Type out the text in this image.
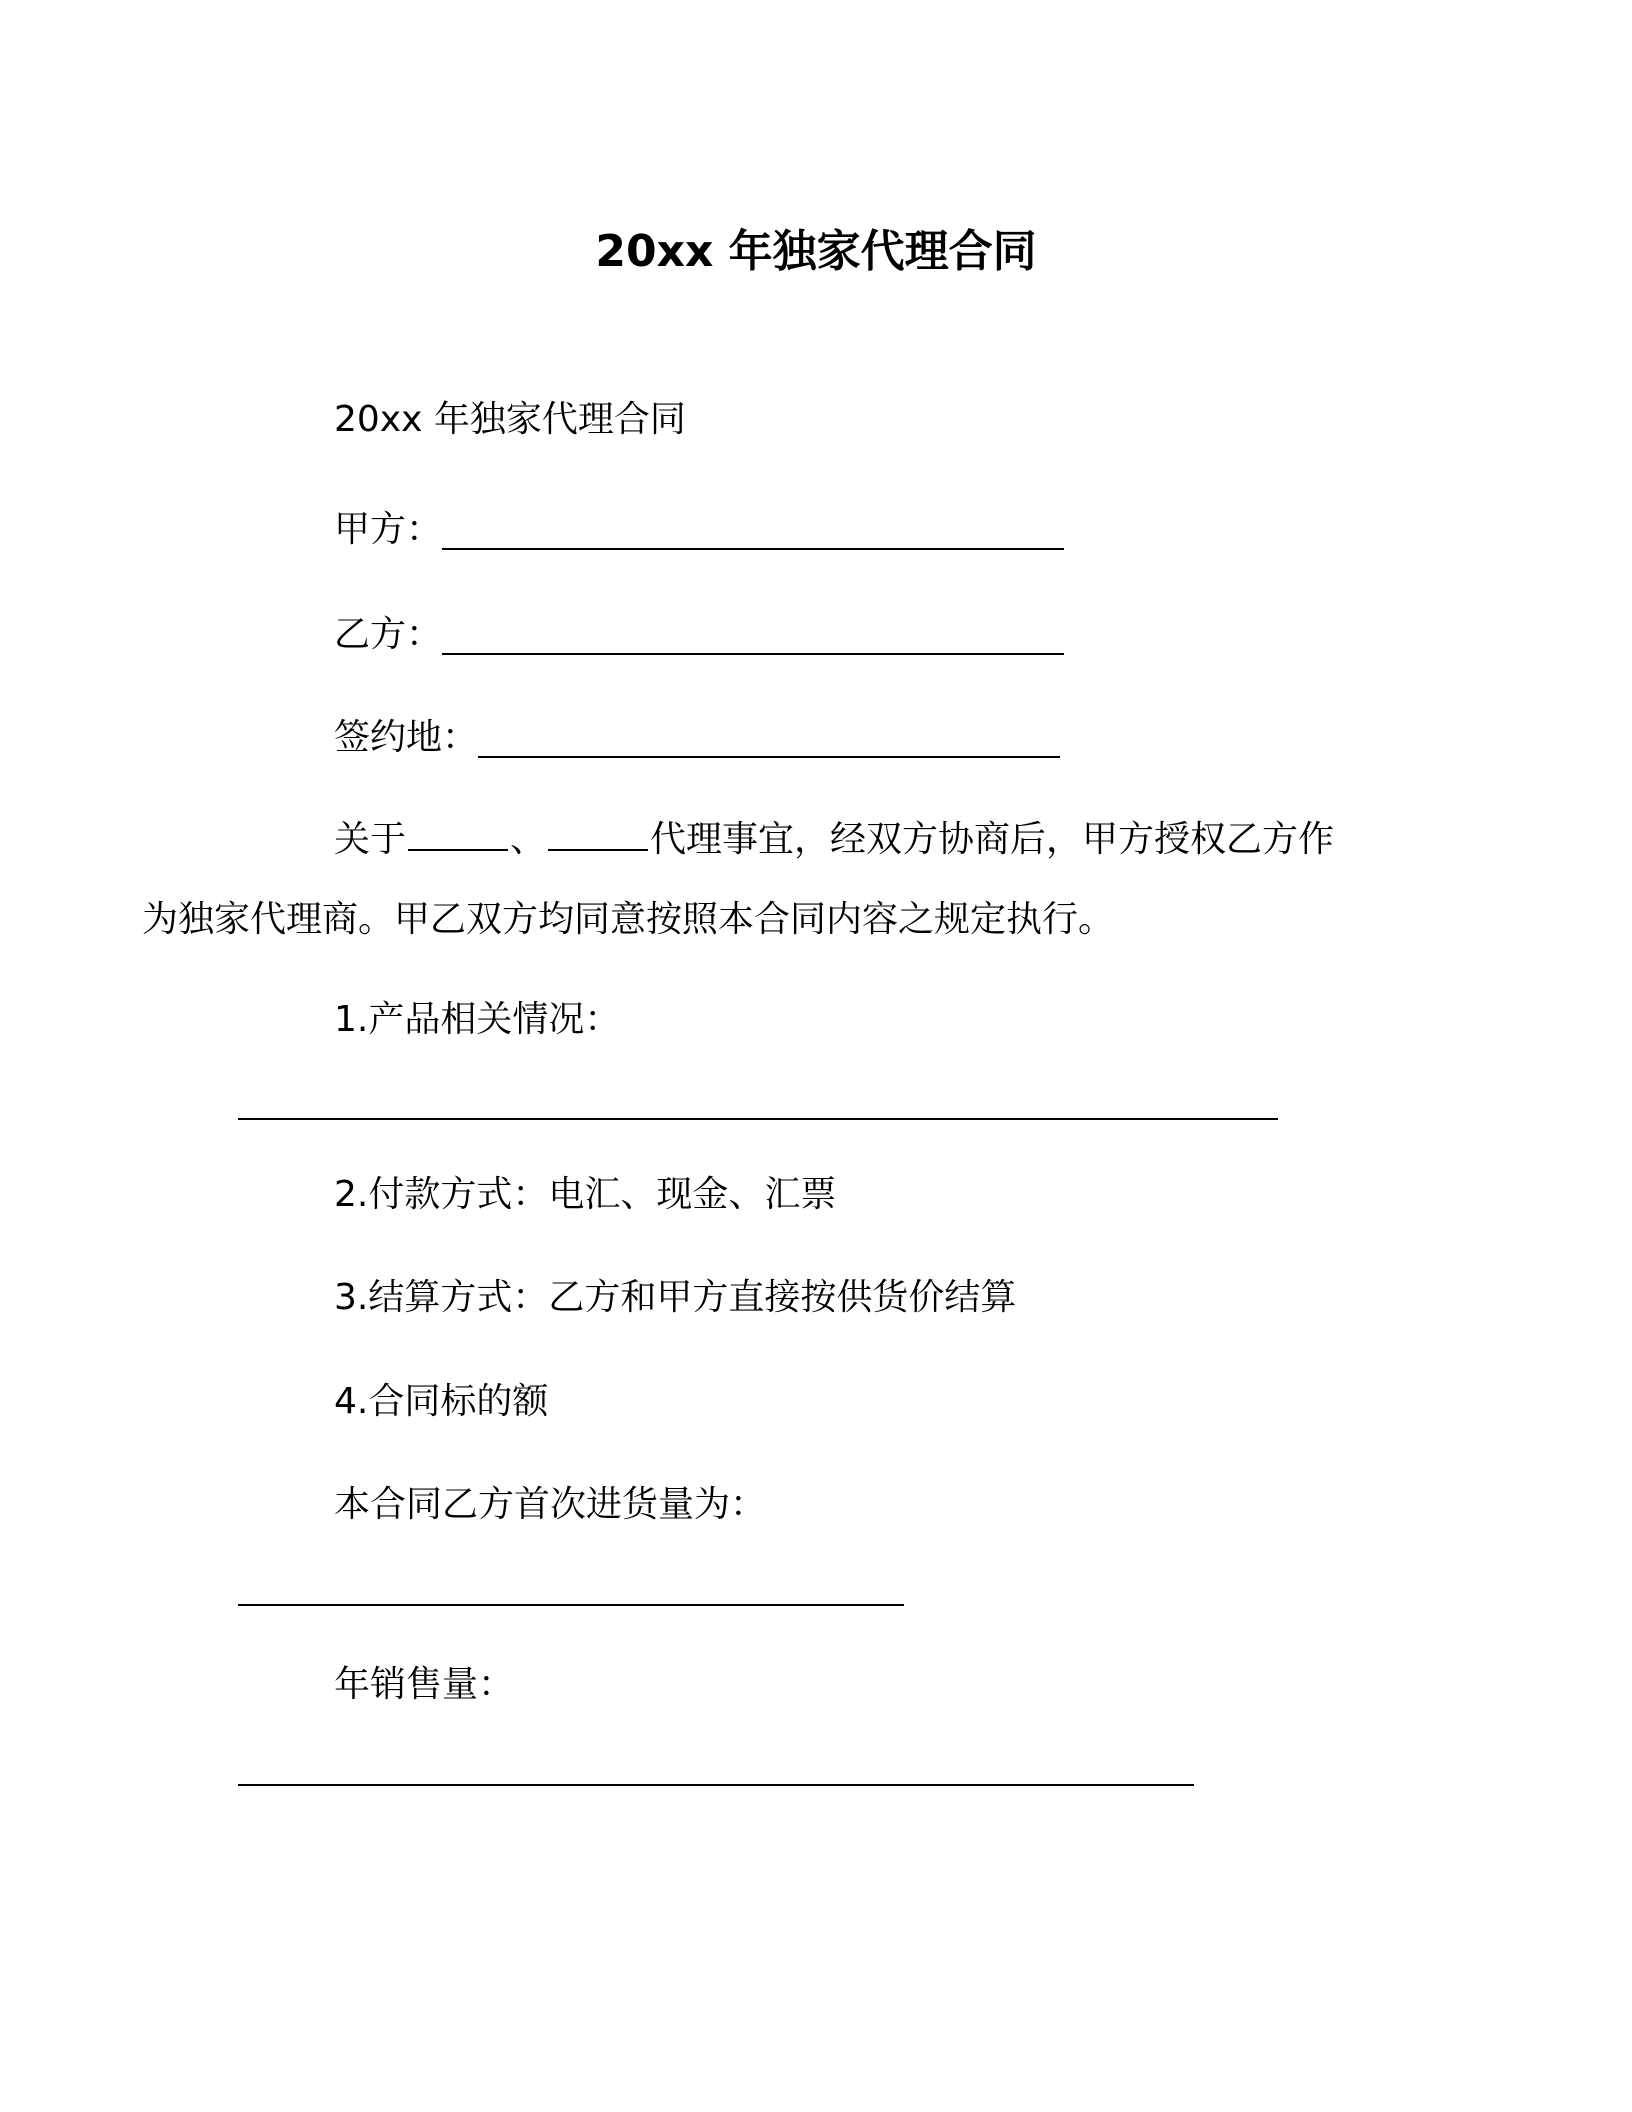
20xx 年独家代理合同
20xx 年独家代理合同
甲方：
乙方：
签约地：
关于	、	代理事宜，经双方协商后，甲方授权乙方作
为独家代理商。甲乙双方均同意按照本合同内容之规定执行。
1.产品相关情况：
2.付款方式：电汇、现金、汇票
3.结算方式：乙方和甲方直接按供货价结算
4.合同标的额
本合同乙方首次进货量为：
年销售量：
